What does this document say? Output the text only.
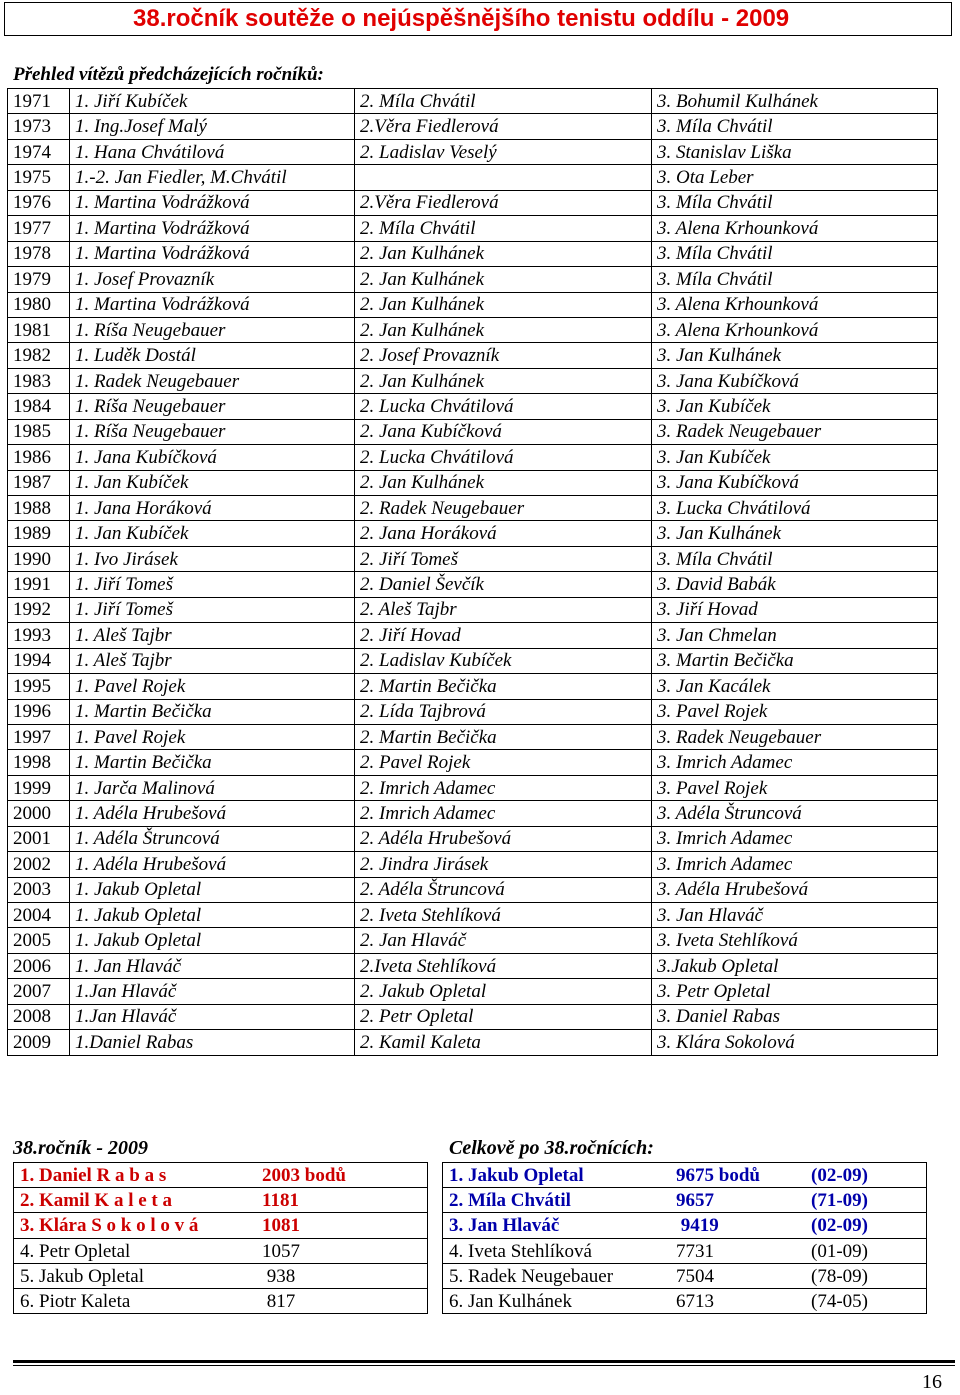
38.ročník soutěže o nejúspěšnějšího tenistu oddílu - 2009
Přehled vítězů předcházejících ročníků:
1971	1. Jiří Kubíček	2. Míla Chvátil	3. Bohumil Kulhánek
1973	1. Ing.Josef Malý	2.Věra Fiedlerová	3. Míla Chvátil
1974	1. Hana Chvátilová	2. Ladislav Veselý	3. Stanislav Liška
1975	1.-2. Jan Fiedler, M.Chvátil		3. Ota Leber
1976	1. Martina Vodrážková	2.Věra Fiedlerová	3. Míla Chvátil
1977	1. Martina Vodrážková	2. Míla Chvátil	3. Alena Krhounková
1978	1. Martina Vodrážková	2. Jan Kulhánek	3. Míla Chvátil
1979	1. Josef Provazník	2. Jan Kulhánek	3. Míla Chvátil
1980	1. Martina Vodrážková	2. Jan Kulhánek	3. Alena Krhounková
1981	1. Ríša Neugebauer	2. Jan Kulhánek	3. Alena Krhounková
1982	1. Luděk Dostál	2. Josef Provazník	3. Jan Kulhánek
1983	1. Radek Neugebauer	2. Jan Kulhánek	3. Jana Kubíčková
1984	1. Ríša Neugebauer	2. Lucka Chvátilová	3. Jan Kubíček
1985	1. Ríša Neugebauer	2. Jana Kubíčková	3. Radek Neugebauer
1986	1. Jana Kubíčková	2. Lucka Chvátilová	3. Jan Kubíček
1987	1. Jan Kubíček	2. Jan Kulhánek	3. Jana Kubíčková
1988	1. Jana Horáková	2. Radek Neugebauer	3. Lucka Chvátilová
1989	1. Jan Kubíček	2. Jana Horáková	3. Jan Kulhánek
1990	1. Ivo Jirásek	2. Jiří Tomeš	3. Míla Chvátil
1991	1. Jiří Tomeš	2. Daniel Ševčík	3. David Babák
1992	1. Jiří Tomeš	2. Aleš Tajbr	3. Jiří Hovad
1993	1. Aleš Tajbr	2. Jiří Hovad	3. Jan Chmelan
1994	1. Aleš Tajbr	2. Ladislav Kubíček	3. Martin Bečička
1995	1. Pavel Rojek	2. Martin Bečička	3. Jan Kacálek
1996	1. Martin Bečička	2. Lída Tajbrová	3. Pavel Rojek
1997	1. Pavel Rojek	2. Martin Bečička	3. Radek Neugebauer
1998	1. Martin Bečička	2. Pavel Rojek	3. Imrich Adamec
1999	1. Jarča Malinová	2. Imrich Adamec	3. Pavel Rojek
2000	1. Adéla Hrubešová	2. Imrich Adamec	3. Adéla Štruncová
2001	1. Adéla Štruncová	2. Adéla Hrubešová	3. Imrich Adamec
2002	1. Adéla Hrubešová	2. Jindra Jirásek	3. Imrich Adamec
2003	1. Jakub Opletal	2. Adéla Štruncová	3. Adéla Hrubešová
2004	1. Jakub Opletal	2. Iveta Stehlíková	3. Jan Hlaváč
2005	1. Jakub Opletal	2. Jan Hlaváč	3. Iveta Stehlíková
2006	1. Jan Hlaváč	2.Iveta Stehlíková	3.Jakub Opletal
2007	1.Jan Hlaváč	2. Jakub Opletal	3. Petr Opletal
2008	1.Jan Hlaváč	2. Petr Opletal	3. Daniel Rabas
2009	1.Daniel Rabas	2. Kamil Kaleta	3. Klára Sokolová
38.ročník - 2009	Celkově po 38.ročnících:
1. Daniel R a b a s	2003 bodů

2. Kamil K a l e t a	1181

3. Klára S o k o l o v á	1081

4. Petr Opletal	1057

5. Jakub Opletal	938

6. Piotr Kaleta	817
1. Jakub Opletal	9675 bodů	(02-09)

2. Míla Chvátil	9657	(71-09)

3. Jan Hlaváč	9419	(02-09)

4. Iveta Stehlíková	7731	(01-09)

5. Radek Neugebauer	7504	(78-09)

6. Jan Kulhánek	6713	(74-05)
16
